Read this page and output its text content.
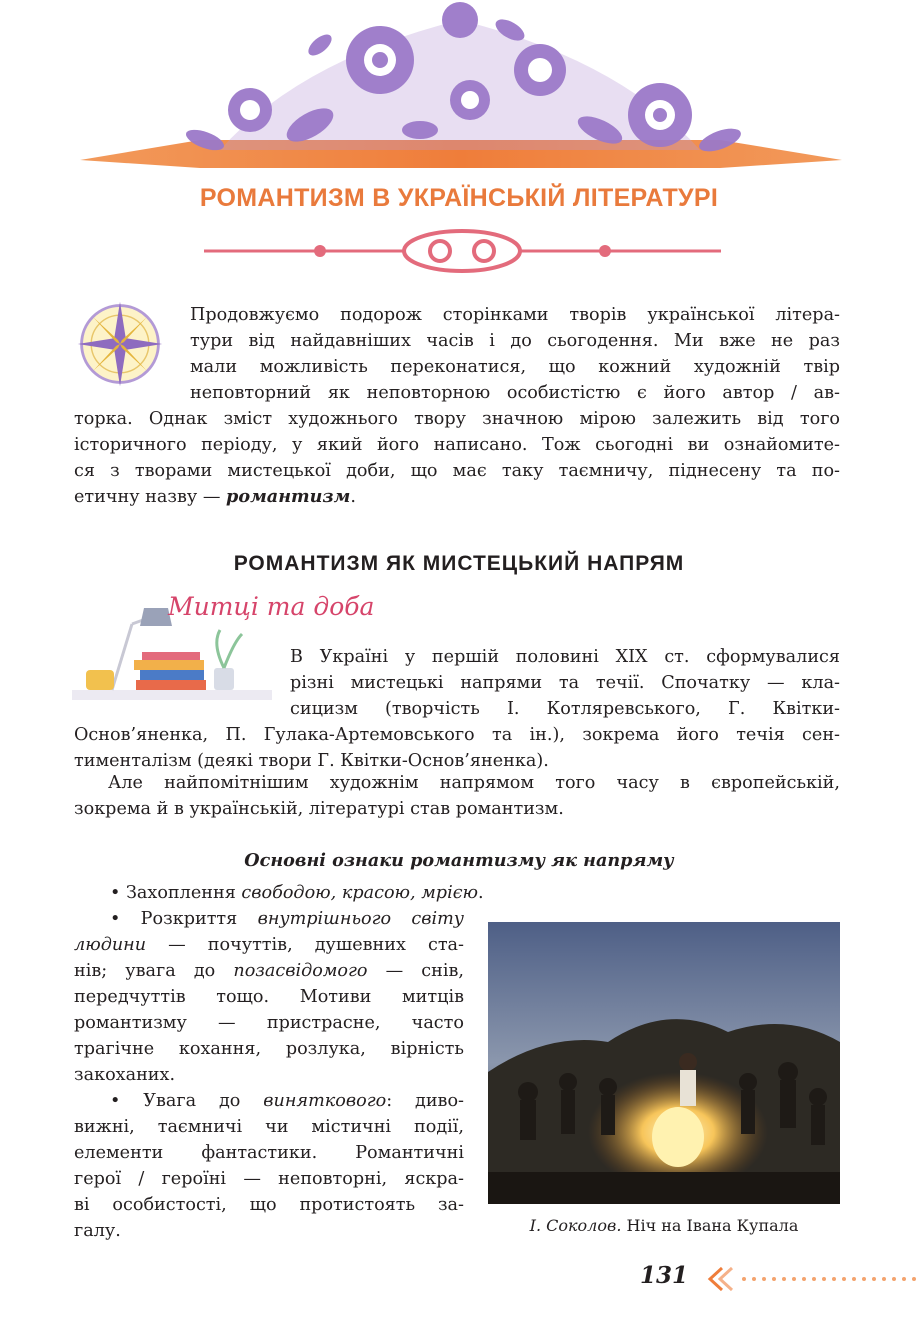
РОМАНТИЗМ В УКРАЇНСЬКІЙ ЛІТЕРАТУРІ

Продовжуємо подорож сторінками творів української літера-

тури від найдавніших часів і до сьогодення. Ми вже не раз

мали можливість переконатися, що кожний художній твір

неповторний як неповторною особистістю є його автор / ав-

торка. Однак зміст художнього твору значною мірою залежить від того

історичного періоду, у який його написано. Тож сьогодні ви ознайомите-

ся з творами мистецької доби, що має таку таємничу, піднесену та по-

етичну назву — романтизм.

РОМАНТИЗМ ЯК МИСТЕЦЬКИЙ НАПРЯМ
Митці та доба

В Україні у першій половині XIX ст. сформувалися

різні мистецькі напрями та течії. Спочатку — кла-

сицизм (творчість І. Котляревського, Г. Квітки-

Основ’яненка, П. Гулака-Артемовського та ін.), зокрема його течія сен-

тименталізм (деякі твори Г. Квітки-Основ’яненка).

Але найпомітнішим художнім напрямом того часу в європейській,

зокрема й в українській, літературі став романтизм.

Основні ознаки романтизму як напряму
• Захоплення свободою, красою, мрією.

• Розкриття внутрішнього світу

людини — почуттів, душевних ста-

нів; увага до позасвідомого — снів,

передчуттів тощо. Мотиви митців

романтизму — пристрасне, часто

трагічне кохання, розлука, вірність

закоханих.

• Увага до виняткового: диво-

вижні, таємничі чи містичні події,

елементи фантастики. Романтичні

герої / героїні — неповторні, яскра-

ві особистості, що протистоять за-

галу.	І. Соколов. Ніч на Івана Купала
131
